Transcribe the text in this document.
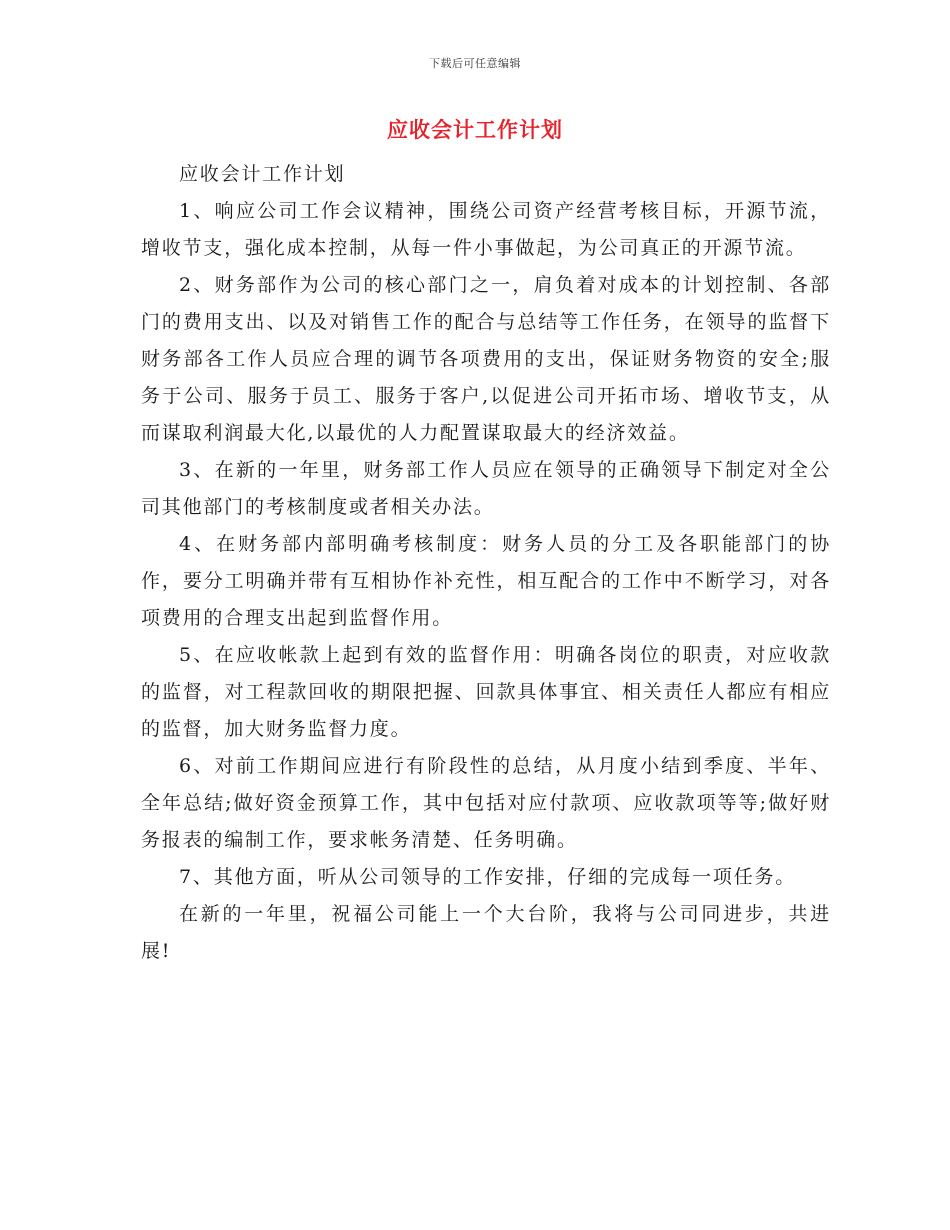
下载后可任意编辑
应收会计工作计划

应收会计工作计划

1、响应公司工作会议精神，围绕公司资产经营考核目标，开源节流，增收节支，强化成本控制，从每一件小事做起，为公司真正的开源节流。

2、财务部作为公司的核心部门之一，肩负着对成本的计划控制、各部门的费用支出、以及对销售工作的配合与总结等工作任务，在领导的监督下财务部各工作人员应合理的调节各项费用的支出，保证财务物资的安全;服务于公司、服务于员工、服务于客户,以促进公司开拓市场、增收节支，从而谋取利润最大化,以最优的人力配置谋取最大的经济效益。

3、在新的一年里，财务部工作人员应在领导的正确领导下制定对全公司其他部门的考核制度或者相关办法。

4、在财务部内部明确考核制度：财务人员的分工及各职能部门的协作，要分工明确并带有互相协作补充性，相互配合的工作中不断学习，对各项费用的合理支出起到监督作用。

5、在应收帐款上起到有效的监督作用：明确各岗位的职责，对应收款的监督，对工程款回收的期限把握、回款具体事宜、相关责任人都应有相应的监督，加大财务监督力度。

6、对前工作期间应进行有阶段性的总结，从月度小结到季度、半年、全年总结;做好资金预算工作，其中包括对应付款项、应收款项等等;做好财务报表的编制工作，要求帐务清楚、任务明确。

7、其他方面，听从公司领导的工作安排，仔细的完成每一项任务。

在新的一年里，祝福公司能上一个大台阶，我将与公司同进步，共进展!
